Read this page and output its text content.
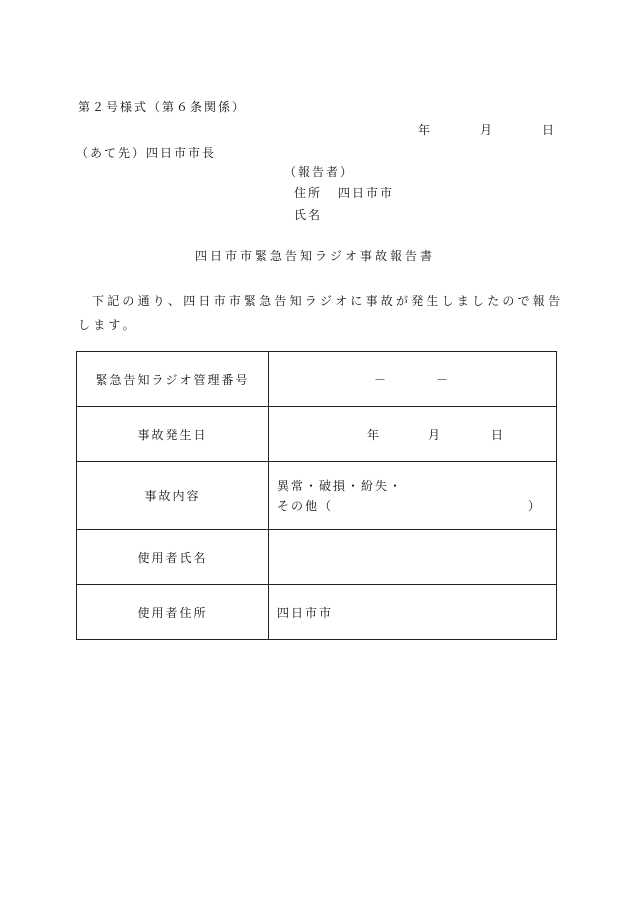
第２号様式（第６条関係）
年	月	日
（あて先）四日市市長
（報告者）
住所 四日市市
氏名
四日市市緊急告知ラジオ事故報告書
下記の通り、四日市市緊急告知ラジオに事故が発生しましたので報告します。
緊急告知ラジオ管理番号	－ －

事故発生日	年 月 日

事故内容	異常・破損・紛失・
その他（ ）

使用者氏名	
使用者住所	四日市市
